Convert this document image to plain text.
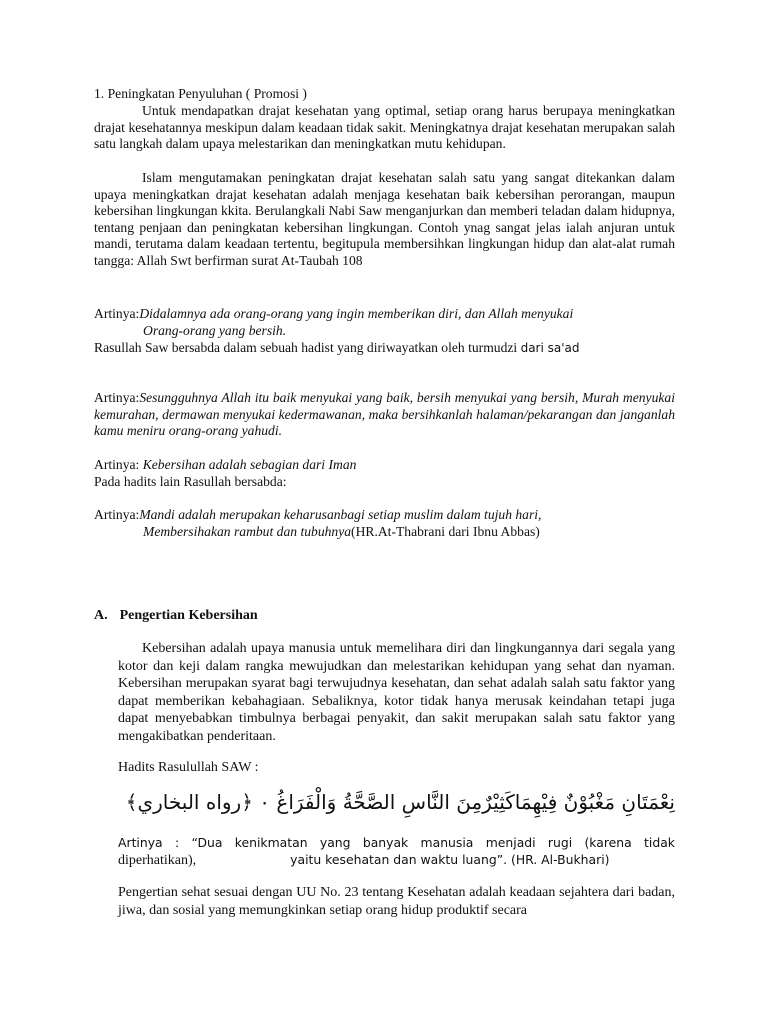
1. Peningkatan Penyuluhan ( Promosi )
Untuk mendapatkan drajat kesehatan yang optimal, setiap orang harus berupaya meningkatkan drajat kesehatannya meskipun dalam keadaan tidak sakit. Meningkatnya drajat kesehatan merupakan salah satu langkah dalam upaya melestarikan dan meningkatkan mutu kehidupan.
Islam mengutamakan peningkatan drajat kesehatan salah satu yang sangat ditekankan dalam upaya meningkatkan drajat kesehatan adalah menjaga kesehatan baik kebersihan perorangan, maupun kebersihan lingkungan kkita. Berulangkali Nabi Saw menganjurkan dan memberi teladan dalam hidupnya, tentang penjaan dan peningkatan kebersihan lingkungan. Contoh ynag sangat jelas ialah anjuran untuk mandi, terutama dalam keadaan tertentu, begitupula membersihkan lingkungan hidup dan alat-alat rumah tangga: Allah Swt berfirman surat At-Taubah 108
Artinya:Didalamnya ada orang-orang yang ingin memberikan diri, dan Allah menyukai
Orang-orang yang bersih.
Rasullah Saw bersabda dalam sebuah hadist yang diriwayatkan oleh turmudzi dari sa'ad
Artinya:Sesungguhnya Allah itu baik menyukai yang baik, bersih menyukai yang bersih, Murah menyukai kemurahan, dermawan menyukai kedermawanan, maka bersihkanlah halaman/pekarangan dan janganlah kamu meniru orang-orang yahudi.
Artinya: Kebersihan adalah sebagian dari Iman
Pada hadits lain Rasullah bersabda:
Artinya:Mandi adalah merupakan keharusanbagi setiap muslim dalam tujuh hari,
Membersihakan rambut dan tubuhnya(HR.At-Thabrani dari Ibnu Abbas)
A. Pengertian Kebersihan
Kebersihan adalah upaya manusia untuk memelihara diri dan lingkungannya dari segala yang kotor dan keji dalam rangka mewujudkan dan melestarikan kehidupan yang sehat dan nyaman. Kebersihan merupakan syarat bagi terwujudnya kesehatan, dan sehat adalah salah satu faktor yang dapat memberikan kebahagiaan. Sebaliknya, kotor tidak hanya merusak keindahan tetapi juga dapat menyebabkan timbulnya berbagai penyakit, dan sakit merupakan salah satu faktor yang mengakibatkan penderitaan.
Hadits Rasulullah SAW :
نِعْمَتَانِ مَغْبُوْنٌ فِيْهِمَاكَثِيْرٌمِنَ النَّاسِ الصَّحَّةُ وَالْفَرَاغُ ٠ ﴿رواه البخاري﴾
Artinya : “Dua kenikmatan yang banyak manusia menjadi rugi (karena tidak
diperhatikan),	yaitu kesehatan dan waktu luang”. (HR. Al-Bukhari)
Pengertian sehat sesuai dengan UU No. 23 tentang Kesehatan adalah keadaan sejahtera dari badan, jiwa, dan sosial yang memungkinkan setiap orang hidup produktif secara
